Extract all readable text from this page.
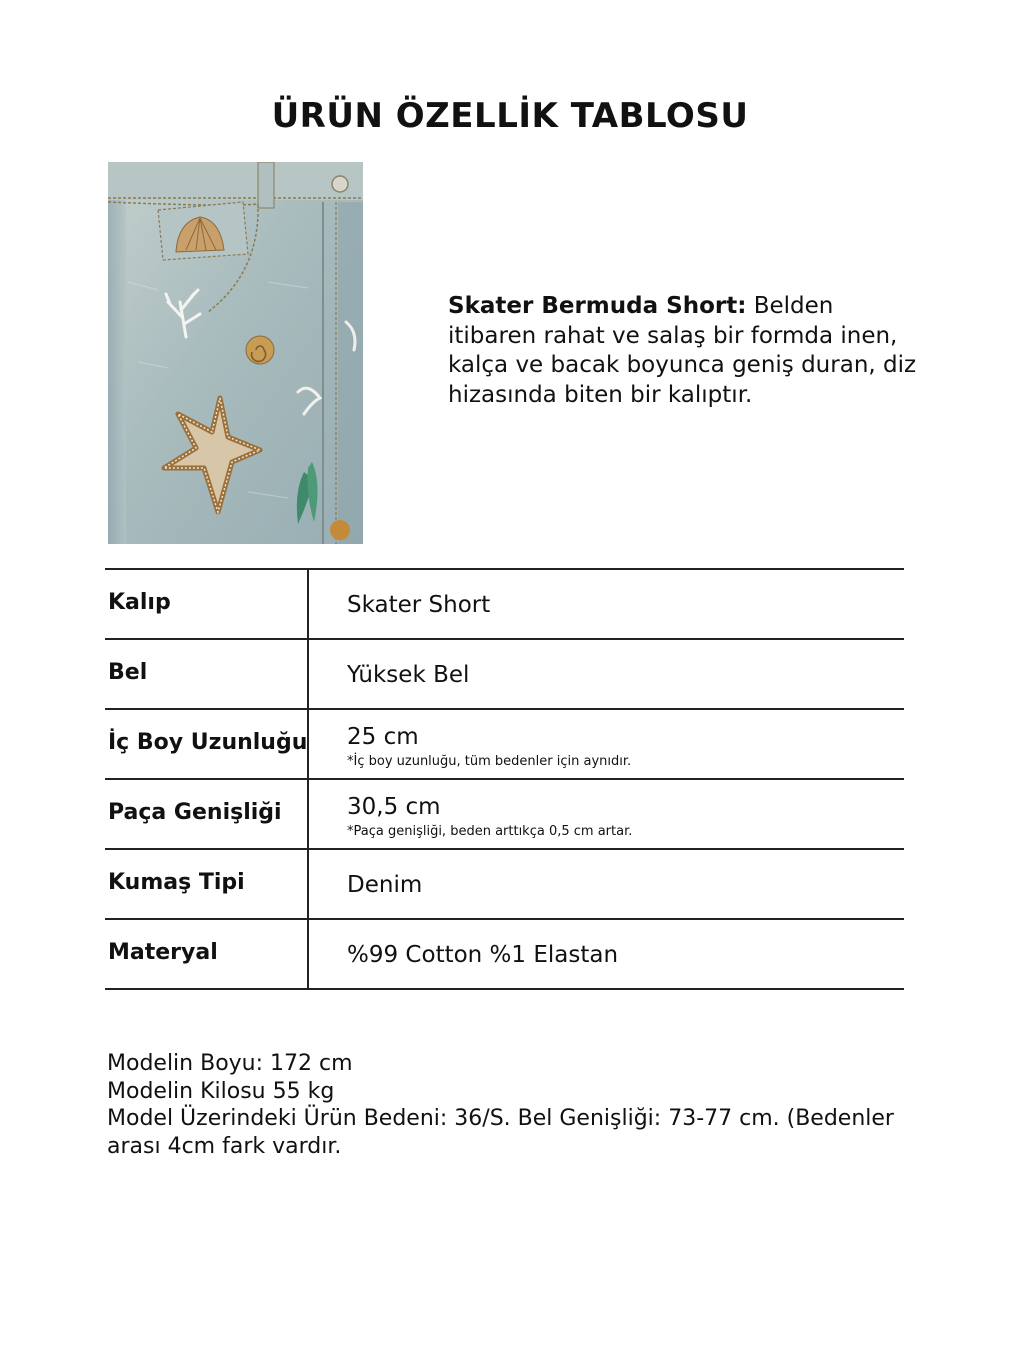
ÜRÜN ÖZELLİK TABLOSU
Skater Bermuda Short: Belden itibaren rahat ve salaş bir formda inen, kalça ve bacak boyunca geniş duran, diz hizasında biten bir kalıptır.
Kalıp	Skater Short
Bel	Yüksek Bel
İç Boy Uzunluğu 25 cm
*İç boy uzunluğu, tüm bedenler için aynıdır.
Paça Genişliği	30,5 cm
*Paça genişliği, beden arttıkça 0,5 cm artar.
Kumaş Tipi	Denim
Materyal	%99 Cotton %1 Elastan
Modelin Boyu: 172 cm
Modelin Kilosu 55 kg
Model Üzerindeki Ürün Bedeni: 36/S. Bel Genişliği: 73-77 cm. (Bedenler arası 4cm fark vardır.
